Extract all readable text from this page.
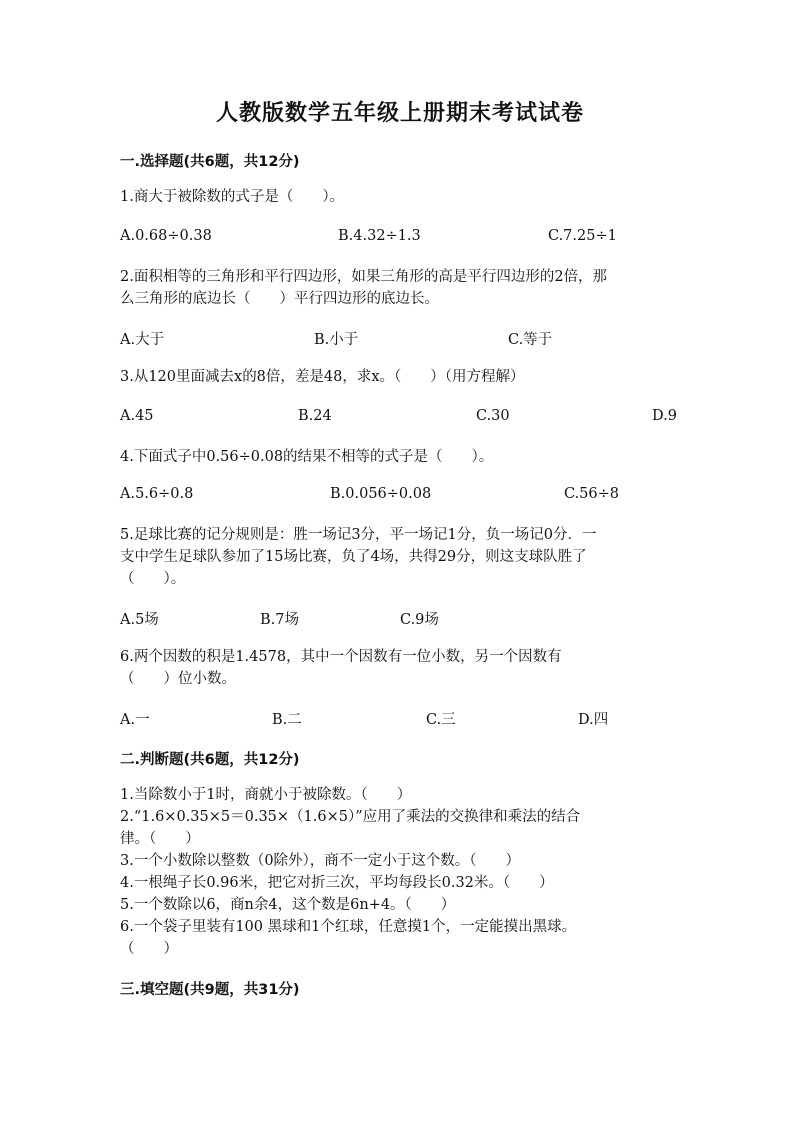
人教版数学五年级上册期末考试试卷
一.选择题(共6题，共12分)
1.商大于被除数的式子是（　　）。
A.0.68÷0.38	B.4.32÷1.3	C.7.25÷1
2.面积相等的三角形和平行四边形，如果三角形的高是平行四边形的2倍，那
么三角形的底边长（　　）平行四边形的底边长。
A.大于	B.小于	C.等于
3.从120里面减去x的8倍，差是48，求x。（　　）（用方程解）
A.45	B.24	C.30	D.9
4.下面式子中0.56÷0.08的结果不相等的式子是（　　）。
A.5.6÷0.8	B.0.056÷0.08	C.56÷8
5.足球比赛的记分规则是：胜一场记3分，平一场记1分，负一场记0分．一
支中学生足球队参加了15场比赛，负了4场，共得29分，则这支球队胜了
（　　）。
A.5场	B.7场	C.9场
6.两个因数的积是1.4578，其中一个因数有一位小数，另一个因数有
（　　）位小数。
A.一	B.二	C.三	D.四
二.判断题(共6题，共12分)
1.当除数小于1时，商就小于被除数。（　　）
2.“1.6×0.35×5＝0.35×（1.6×5）”应用了乘法的交换律和乘法的结合
律。（　　）
3.一个小数除以整数（0除外），商不一定小于这个数。（　　）
4.一根绳子长0.96米，把它对折三次，平均每段长0.32米。（　　）
5.一个数除以6，商n余4，这个数是6n+4。（　　）
6.一个袋子里装有100 黑球和1个红球，任意摸1个，一定能摸出黑球。
（　　）
三.填空题(共9题，共31分)
